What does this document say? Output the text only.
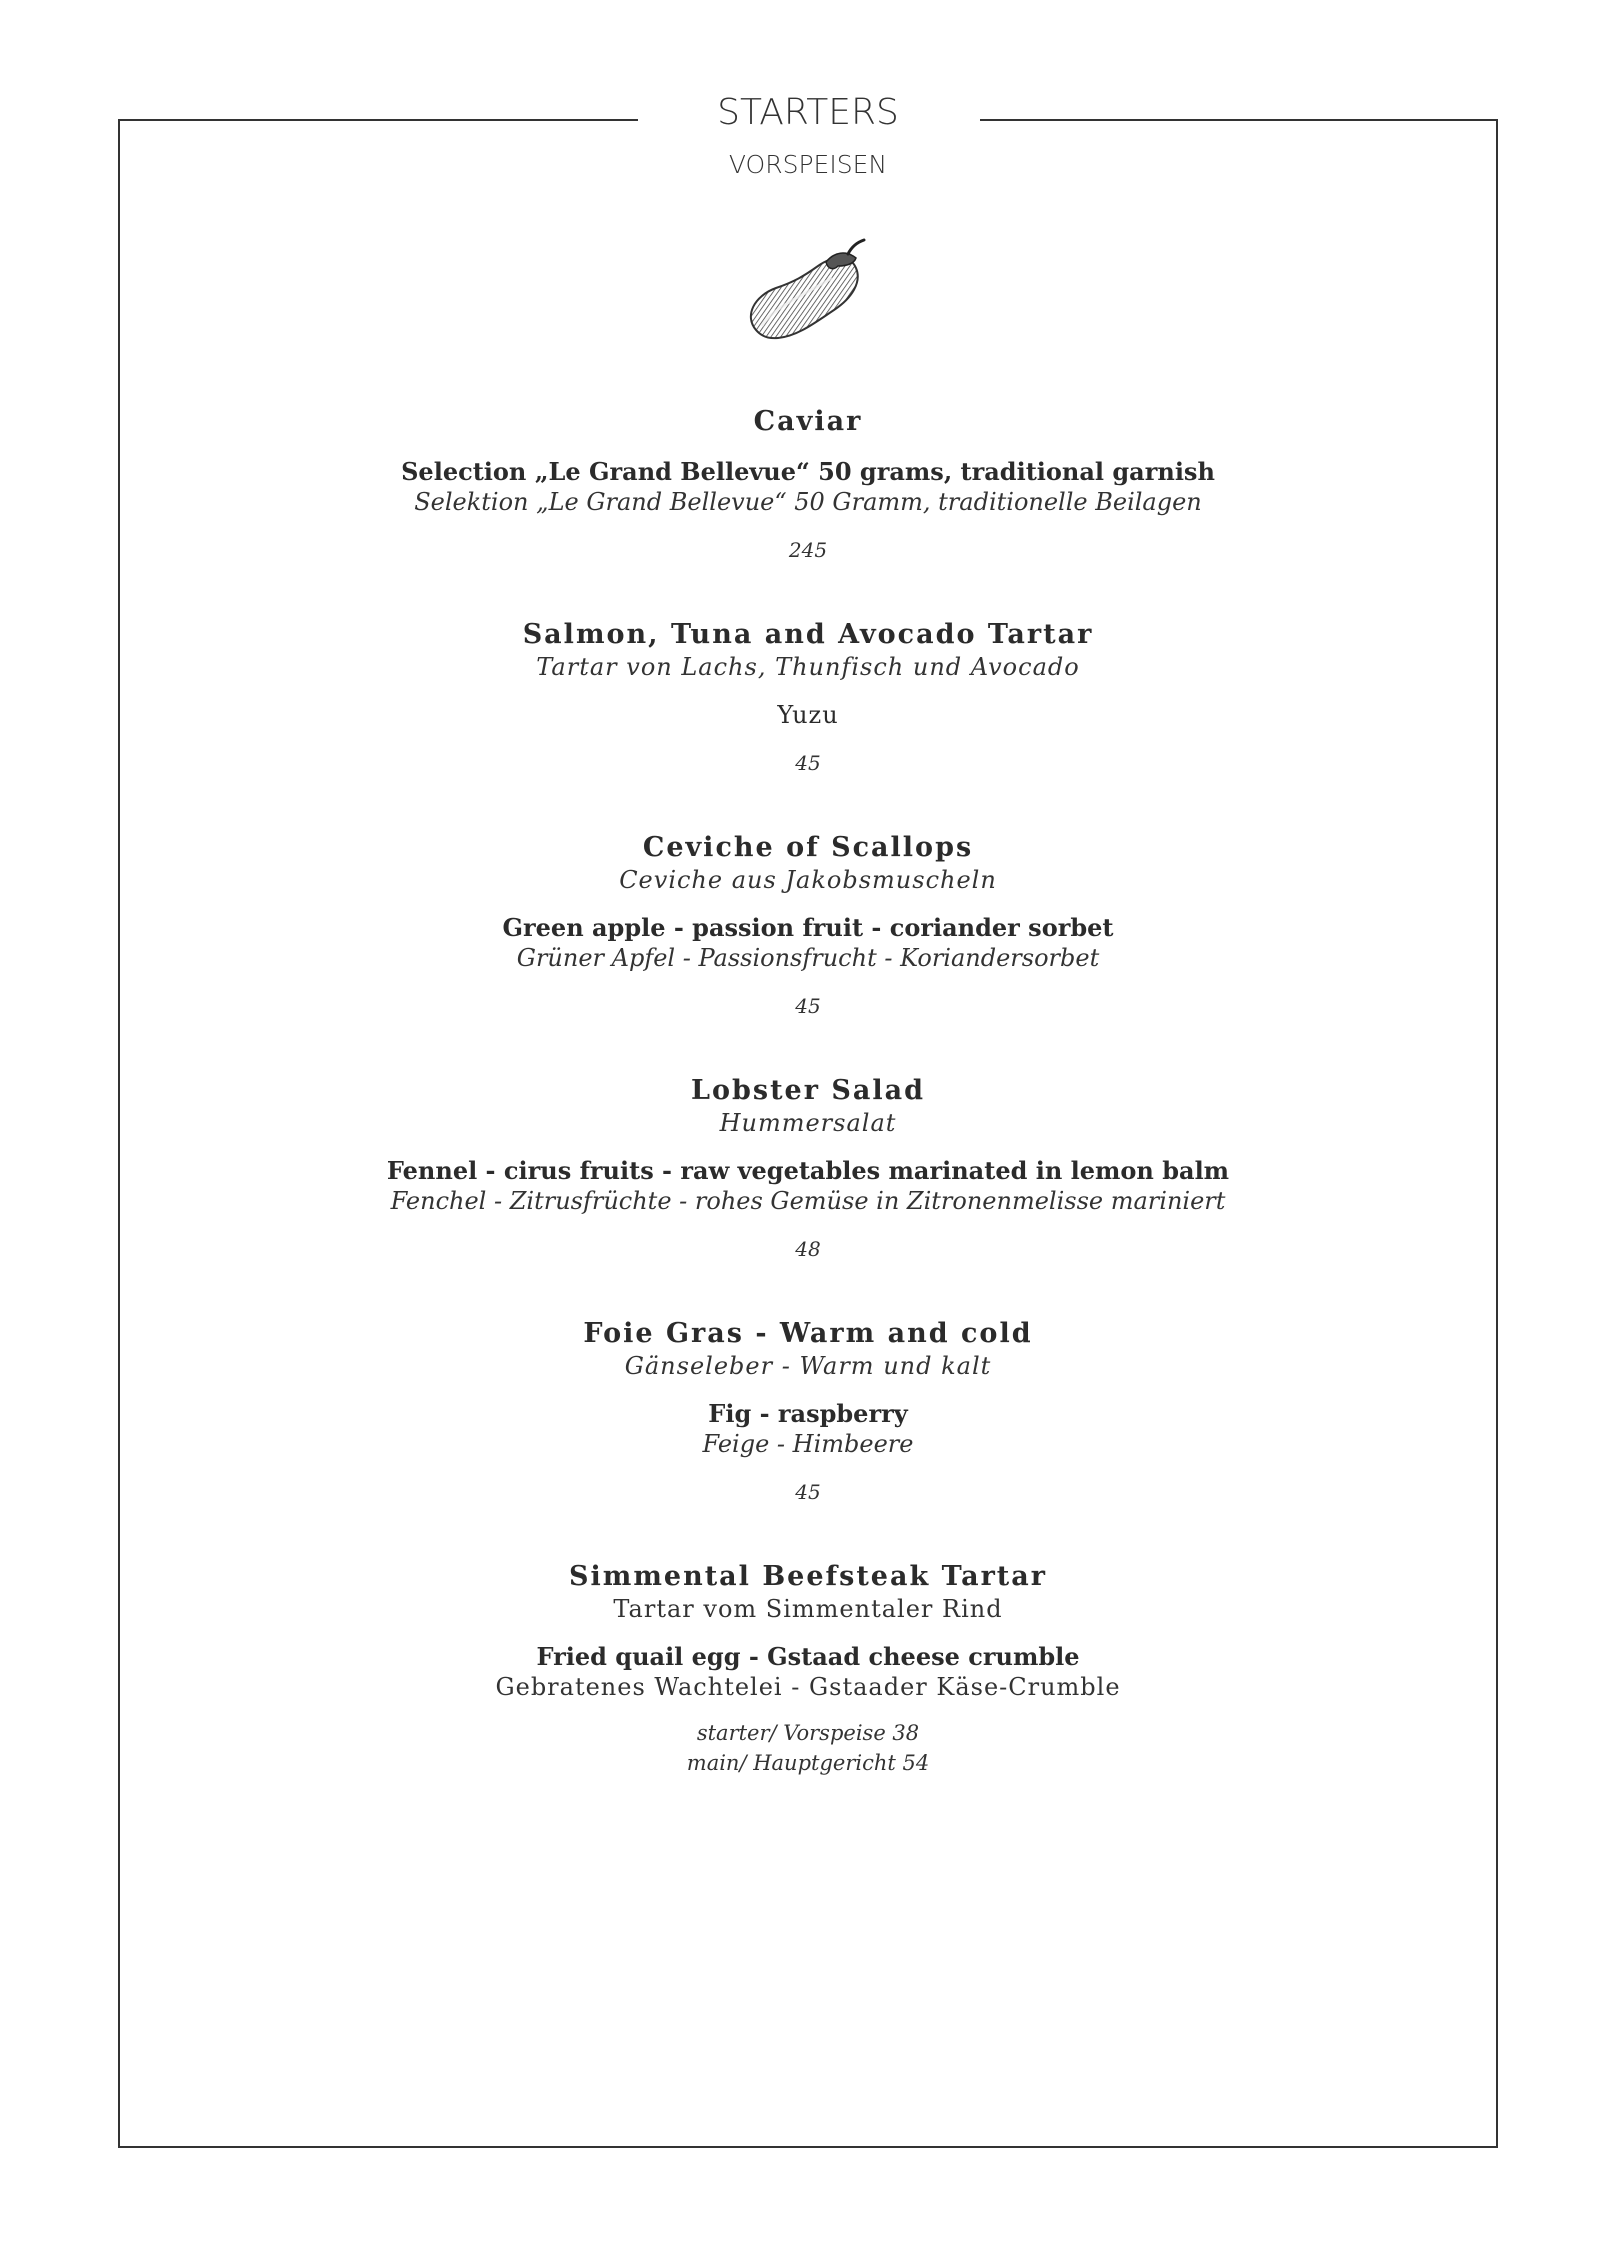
STARTERS
VORSPEISEN
Caviar
Selection „Le Grand Bellevue“ 50 grams, traditional garnish
Selektion „Le Grand Bellevue“ 50 Gramm, traditionelle Beilagen
245
Salmon, Tuna and Avocado Tartar
Tartar von Lachs, Thunfisch und Avocado
Yuzu
45
Ceviche of Scallops
Ceviche aus Jakobsmuscheln
Green apple - passion fruit - coriander sorbet
Grüner Apfel - Passionsfrucht - Koriandersorbet
45
Lobster Salad
Hummersalat
Fennel - cirus fruits - raw vegetables marinated in lemon balm
Fenchel - Zitrusfrüchte - rohes Gemüse in Zitronenmelisse mariniert
48
Foie Gras - Warm and cold
Gänseleber - Warm und kalt
Fig - raspberry
Feige - Himbeere
45
Simmental Beefsteak Tartar
Tartar vom Simmentaler Rind
Fried quail egg - Gstaad cheese crumble
Gebratenes Wachtelei - Gstaader Käse-Crumble
starter/ Vorspeise 38
main/ Hauptgericht 54
